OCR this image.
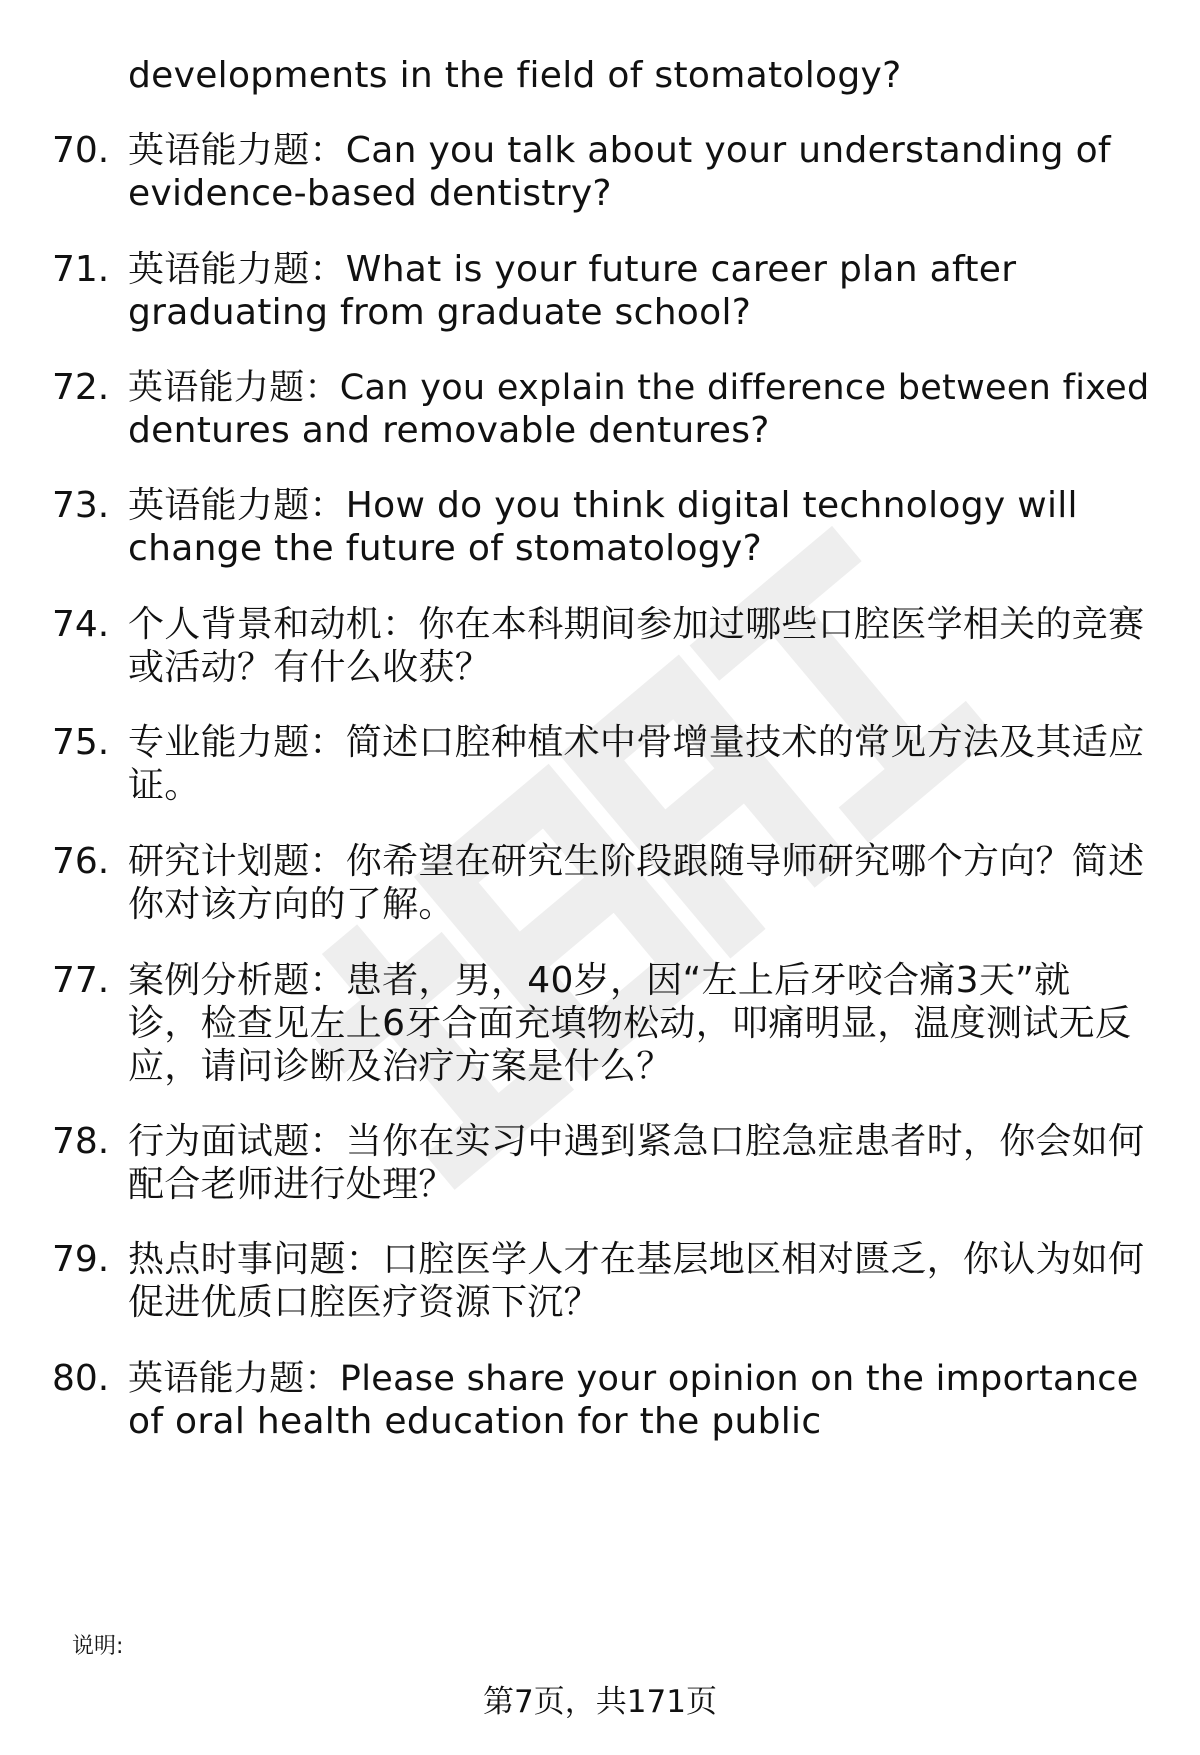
developments in the field of stomatology?
70. 英语能力题：Can you talk about your understanding of
evidence-based dentistry?
71. 英语能力题：What is your future career plan after
graduating from graduate school?
72. 英语能力题：Can you explain the difference between fixed
dentures and removable dentures?
73. 英语能力题：How do you think digital technology will
change the future of stomatology?
74. 个人背景和动机：你在本科期间参加过哪些口腔医学相关的竞赛
或活动？有什么收获？
75. 专业能力题：简述口腔种植术中骨增量技术的常见方法及其适应
证。
76. 研究计划题：你希望在研究生阶段跟随导师研究哪个方向？简述
你对该方向的了解。
77. 案例分析题：患者，男，40岁，因“左上后牙咬合痛3天”就
诊，检查见左上6牙合面充填物松动，叩痛明显，温度测试无反
应，请问诊断及治疗方案是什么？
78. 行为面试题：当你在实习中遇到紧急口腔急症患者时，你会如何
配合老师进行处理？
79. 热点时事问题：口腔医学人才在基层地区相对匮乏，你认为如何
促进优质口腔医疗资源下沉？
80. 英语能力题：Please share your opinion on the importance
of oral health education for the public
说明:
第7页，共171页
